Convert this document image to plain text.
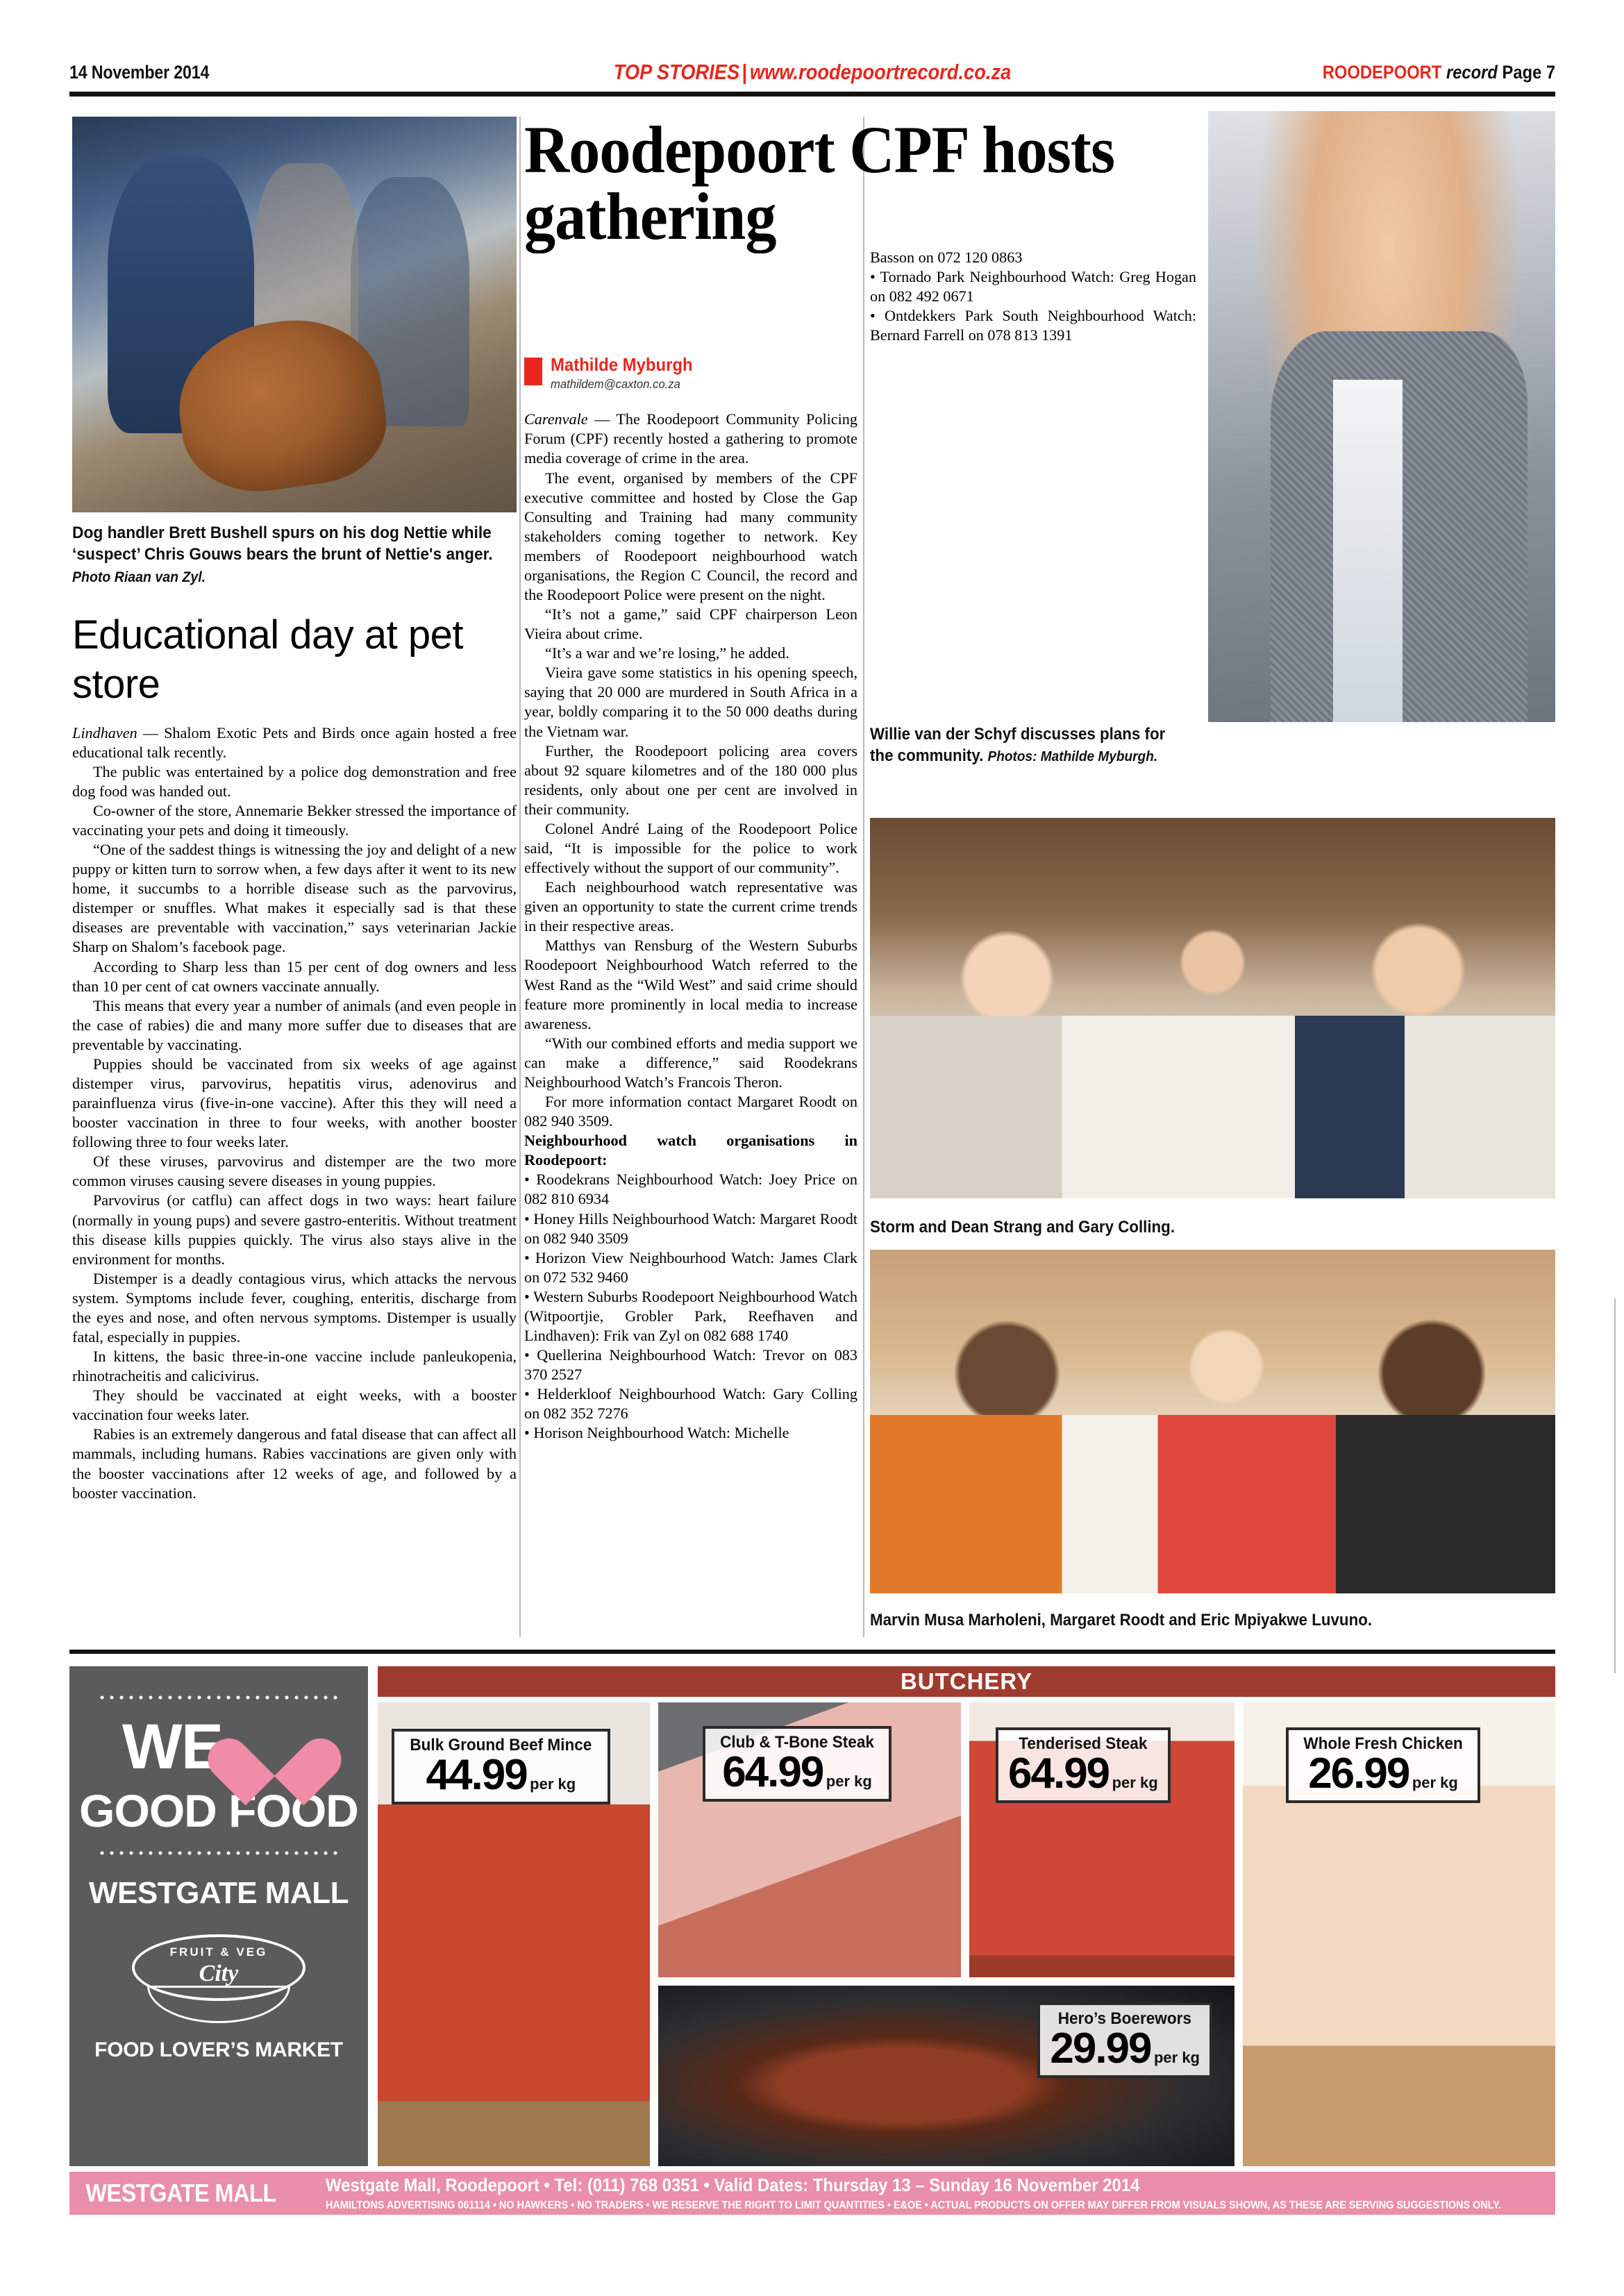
14 November 2014	TOP STORIES | www.roodepoortrecord.co.za	ROODEPOORT record Page 7
Dog handler Brett Bushell spurs on his dog Nettie while ‘suspect’ Chris Gouws bears the brunt of Nettie's anger. Photo Riaan van Zyl.
Educational day at pet store

Lindhaven — Shalom Exotic Pets and Birds once again hosted a free educational talk recently.

The public was entertained by a police dog demonstration and free dog food was handed out.

Co-owner of the store, Annemarie Bekker stressed the importance of vaccinating your pets and doing it timeously.

“One of the saddest things is witnessing the joy and delight of a new puppy or kitten turn to sorrow when, a few days after it went to its new home, it succumbs to a horrible disease such as the parvovirus, distemper or snuffles. What makes it especially sad is that these diseases are preventable with vaccination,” says veterinarian Jackie Sharp on Shalom’s facebook page.

According to Sharp less than 15 per cent of dog owners and less than 10 per cent of cat owners vaccinate annually.

This means that every year a number of animals (and even people in the case of rabies) die and many more suffer due to diseases that are preventable by vaccinating.

Puppies should be vaccinated from six weeks of age against distemper virus, parvovirus, hepatitis virus, adenovirus and parainfluenza virus (five-in-one vaccine). After this they will need a booster vaccination in three to four weeks, with another booster following three to four weeks later.

Of these viruses, parvovirus and distemper are the two more common viruses causing severe diseases in young puppies.

Parvovirus (or catflu) can affect dogs in two ways: heart failure (normally in young pups) and severe gastro-enteritis. Without treatment this disease kills puppies quickly. The virus also stays alive in the environment for months.

Distemper is a deadly contagious virus, which attacks the nervous system. Symptoms include fever, coughing, enteritis, discharge from the eyes and nose, and often nervous symptoms. Distemper is usually fatal, especially in puppies.

In kittens, the basic three-in-one vaccine include panleukopenia, rhinotracheitis and calicivirus.

They should be vaccinated at eight weeks, with a booster vaccination four weeks later.

Rabies is an extremely dangerous and fatal disease that can affect all mammals, including humans. Rabies vaccinations are given only with the booster vaccinations after 12 weeks of age, and followed by a booster vaccination.

Roodepoort CPF hosts gathering
Mathilde Myburgh
mathildem@caxton.co.za

Carenvale — The Roodepoort Community Policing Forum (CPF) recently hosted a gathering to promote media coverage of crime in the area.

The event, organised by members of the CPF executive committee and hosted by Close the Gap Consulting and Training had many community stakeholders coming together to network. Key members of Roodepoort neighbourhood watch organisations, the Region C Council, the record and the Roodepoort Police were present on the night.

“It’s not a game,” said CPF chairperson Leon Vieira about crime.

“It’s a war and we’re losing,” he added.

Vieira gave some statistics in his opening speech, saying that 20 000 are murdered in South Africa in a year, boldly comparing it to the 50 000 deaths during the Vietnam war.

Further, the Roodepoort policing area covers about 92 square kilometres and of the 180 000 plus residents, only about one per cent are involved in their community.

Colonel André Laing of the Roodepoort Police said, “It is impossible for the police to work effectively without the support of our community”.

Each neighbourhood watch representative was given an opportunity to state the current crime trends in their respective areas.

Matthys van Rensburg of the Western Suburbs Roodepoort Neighbourhood Watch referred to the West Rand as the “Wild West” and said crime should feature more prominently in local media to increase awareness.

“With our combined efforts and media support we can make a difference,” said Roodekrans Neighbourhood Watch’s Francois Theron.

For more information contact Margaret Roodt on 082 940 3509.

Neighbourhood watch organisations in Roodepoort:

• Roodekrans Neighbourhood Watch: Joey Price on 082 810 6934

• Honey Hills Neighbourhood Watch: Margaret Roodt on 082 940 3509

• Horizon View Neighbourhood Watch: James Clark on 072 532 9460

• Western Suburbs Roodepoort Neighbourhood Watch (Witpoortjie, Grobler Park, Reefhaven and Lindhaven): Frik van Zyl on 082 688 1740

• Quellerina Neighbourhood Watch: Trevor on 083 370 2527

• Helderkloof Neighbourhood Watch: Gary Colling on 082 352 7276

• Horison Neighbourhood Watch: Michelle

Basson on 072 120 0863

• Tornado Park Neighbourhood Watch: Greg Hogan on 082 492 0671

• Ontdekkers Park South Neighbourhood Watch: Bernard Farrell on 078 813 1391

Willie van der Schyf discusses plans for the community. Photos: Mathilde Myburgh.
Storm and Dean Strang and Gary Colling.
Marvin Musa Marholeni, Margaret Roodt and Eric Mpiyakwe Luvuno.
WE
GOOD FOOD
WESTGATE MALL
FRUIT & VEG
City
FOOD LOVER’S MARKET
BUTCHERY
Bulk Ground Beef Mince
44.99 per kg
Club & T-Bone Steak
64.99 per kg
Tenderised Steak
64.99 per kg
Whole Fresh Chicken
26.99 per kg
Hero’s Boerewors
29.99 per kg
WESTGATE MALL	Westgate Mall, Roodepoort • Tel: (011) 768 0351 • Valid Dates: Thursday 13 – Sunday 16 November 2014
HAMILTONS ADVERTISING 061114 • NO HAWKERS • NO TRADERS • WE RESERVE THE RIGHT TO LIMIT QUANTITIES • E&OE • ACTUAL PRODUCTS ON OFFER MAY DIFFER FROM VISUALS SHOWN, AS THESE ARE SERVING SUGGESTIONS ONLY.
